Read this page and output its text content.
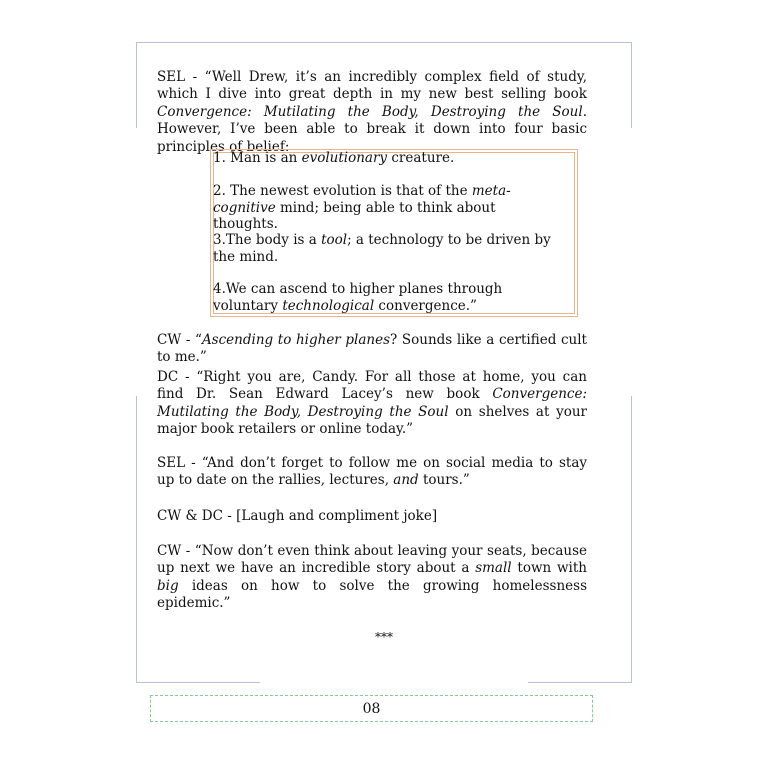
SEL - “Well Drew, it’s an incredibly complex field of study, which I dive into great depth in my new best selling book Convergence: Mutilating the Body, Destroying the Soul. However, I’ve been able to break it down into four basic principles of belief:
1. Man is an evolutionary creature.
2. The newest evolution is that of the meta-cognitive mind; being able to think about thoughts.
3.The body is a tool; a technology to be driven by the mind.
4.We can ascend to higher planes through voluntary technological convergence.”
CW - “Ascending to higher planes? Sounds like a certified cult to me.”
DC - “Right you are, Candy. For all those at home, you can find Dr. Sean Edward Lacey’s new book Convergence: Mutilating the Body, Destroying the Soul on shelves at your major book retailers or online today.”
SEL - “And don’t forget to follow me on social media to stay up to date on the rallies, lectures, and tours.”
CW & DC - [Laugh and compliment joke]
CW - “Now don’t even think about leaving your seats, because up next we have an incredible story about a small town with big ideas on how to solve the growing homelessness epidemic.”
***
08
